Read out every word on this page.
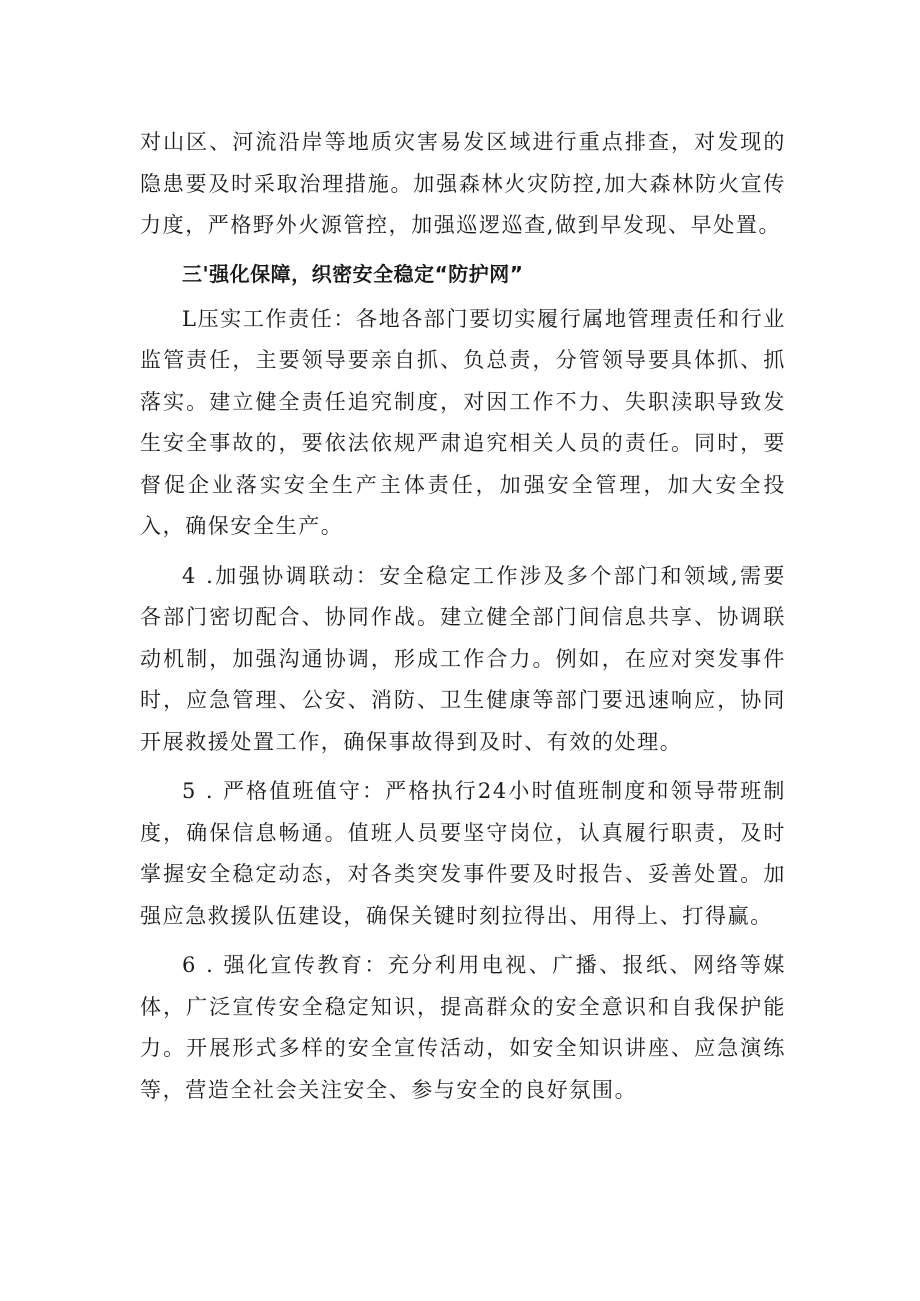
对山区、河流沿岸等地质灾害易发区域进行重点排查，对发现的隐患要及时采取治理措施。加强森林火灾防控,加大森林防火宣传力度，严格野外火源管控，加强巡逻巡查,做到早发现、早处置。

三'强化保障，织密安全稳定“防护网”

L压实工作责任：各地各部门要切实履行属地管理责任和行业监管责任，主要领导要亲自抓、负总责，分管领导要具体抓、抓落实。建立健全责任追究制度，对因工作不力、失职渎职导致发生安全事故的，要依法依规严肃追究相关人员的责任。同时，要督促企业落实安全生产主体责任，加强安全管理，加大安全投入，确保安全生产。

4 .加强协调联动：安全稳定工作涉及多个部门和领域,需要各部门密切配合、协同作战。建立健全部门间信息共享、协调联动机制，加强沟通协调，形成工作合力。例如，在应对突发事件时，应急管理、公安、消防、卫生健康等部门要迅速响应，协同开展救援处置工作，确保事故得到及时、有效的处理。

5 . 严格值班值守：严格执行24小时值班制度和领导带班制度，确保信息畅通。值班人员要坚守岗位，认真履行职责，及时掌握安全稳定动态，对各类突发事件要及时报告、妥善处置。加强应急救援队伍建设，确保关键时刻拉得出、用得上、打得赢。

6 . 强化宣传教育：充分利用电视、广播、报纸、网络等媒体，广泛宣传安全稳定知识，提高群众的安全意识和自我保护能力。开展形式多样的安全宣传活动，如安全知识讲座、应急演练等，营造全社会关注安全、参与安全的良好氛围。
